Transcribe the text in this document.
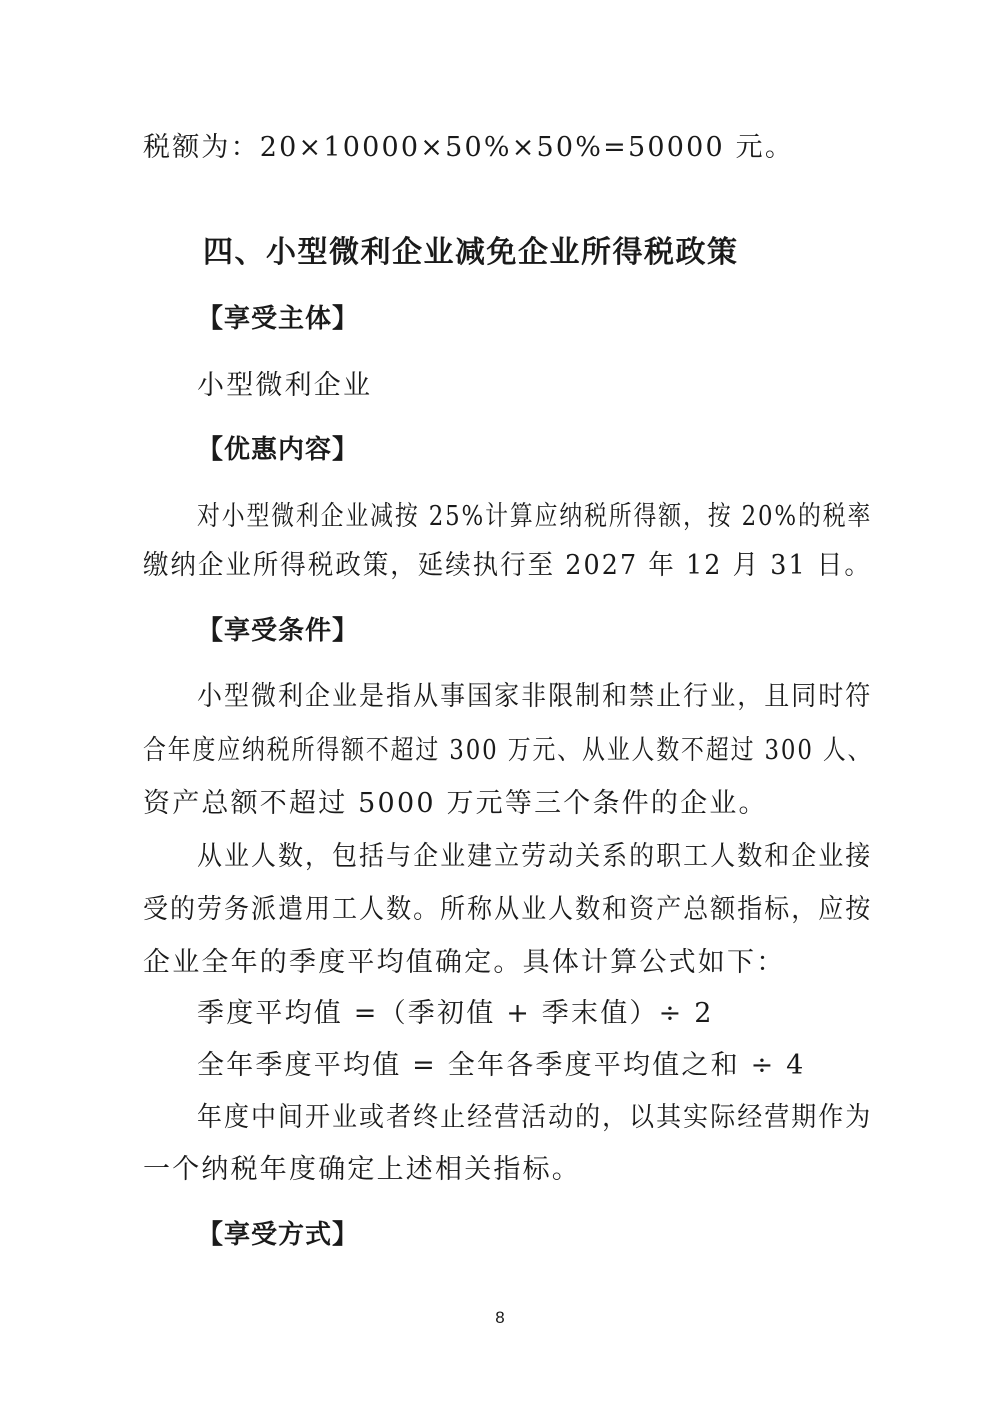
税额为：20×10000×50%×50%=50000 元。
四、小型微利企业减免企业所得税政策
【享受主体】
小型微利企业
【优惠内容】
对小型微利企业减按 25%计算应纳税所得额，按 20%的税率
缴纳企业所得税政策，延续执行至 2027 年 12 月 31 日。
【享受条件】
小型微利企业是指从事国家非限制和禁止行业，且同时符
合年度应纳税所得额不超过 300 万元、从业人数不超过 300 人、
资产总额不超过 5000 万元等三个条件的企业。
从业人数，包括与企业建立劳动关系的职工人数和企业接
受的劳务派遣用工人数。所称从业人数和资产总额指标，应按
企业全年的季度平均值确定。具体计算公式如下：
季度平均值 =（季初值 + 季末值）÷ 2
全年季度平均值 = 全年各季度平均值之和 ÷ 4
年度中间开业或者终止经营活动的，以其实际经营期作为
一个纳税年度确定上述相关指标。
【享受方式】
8
